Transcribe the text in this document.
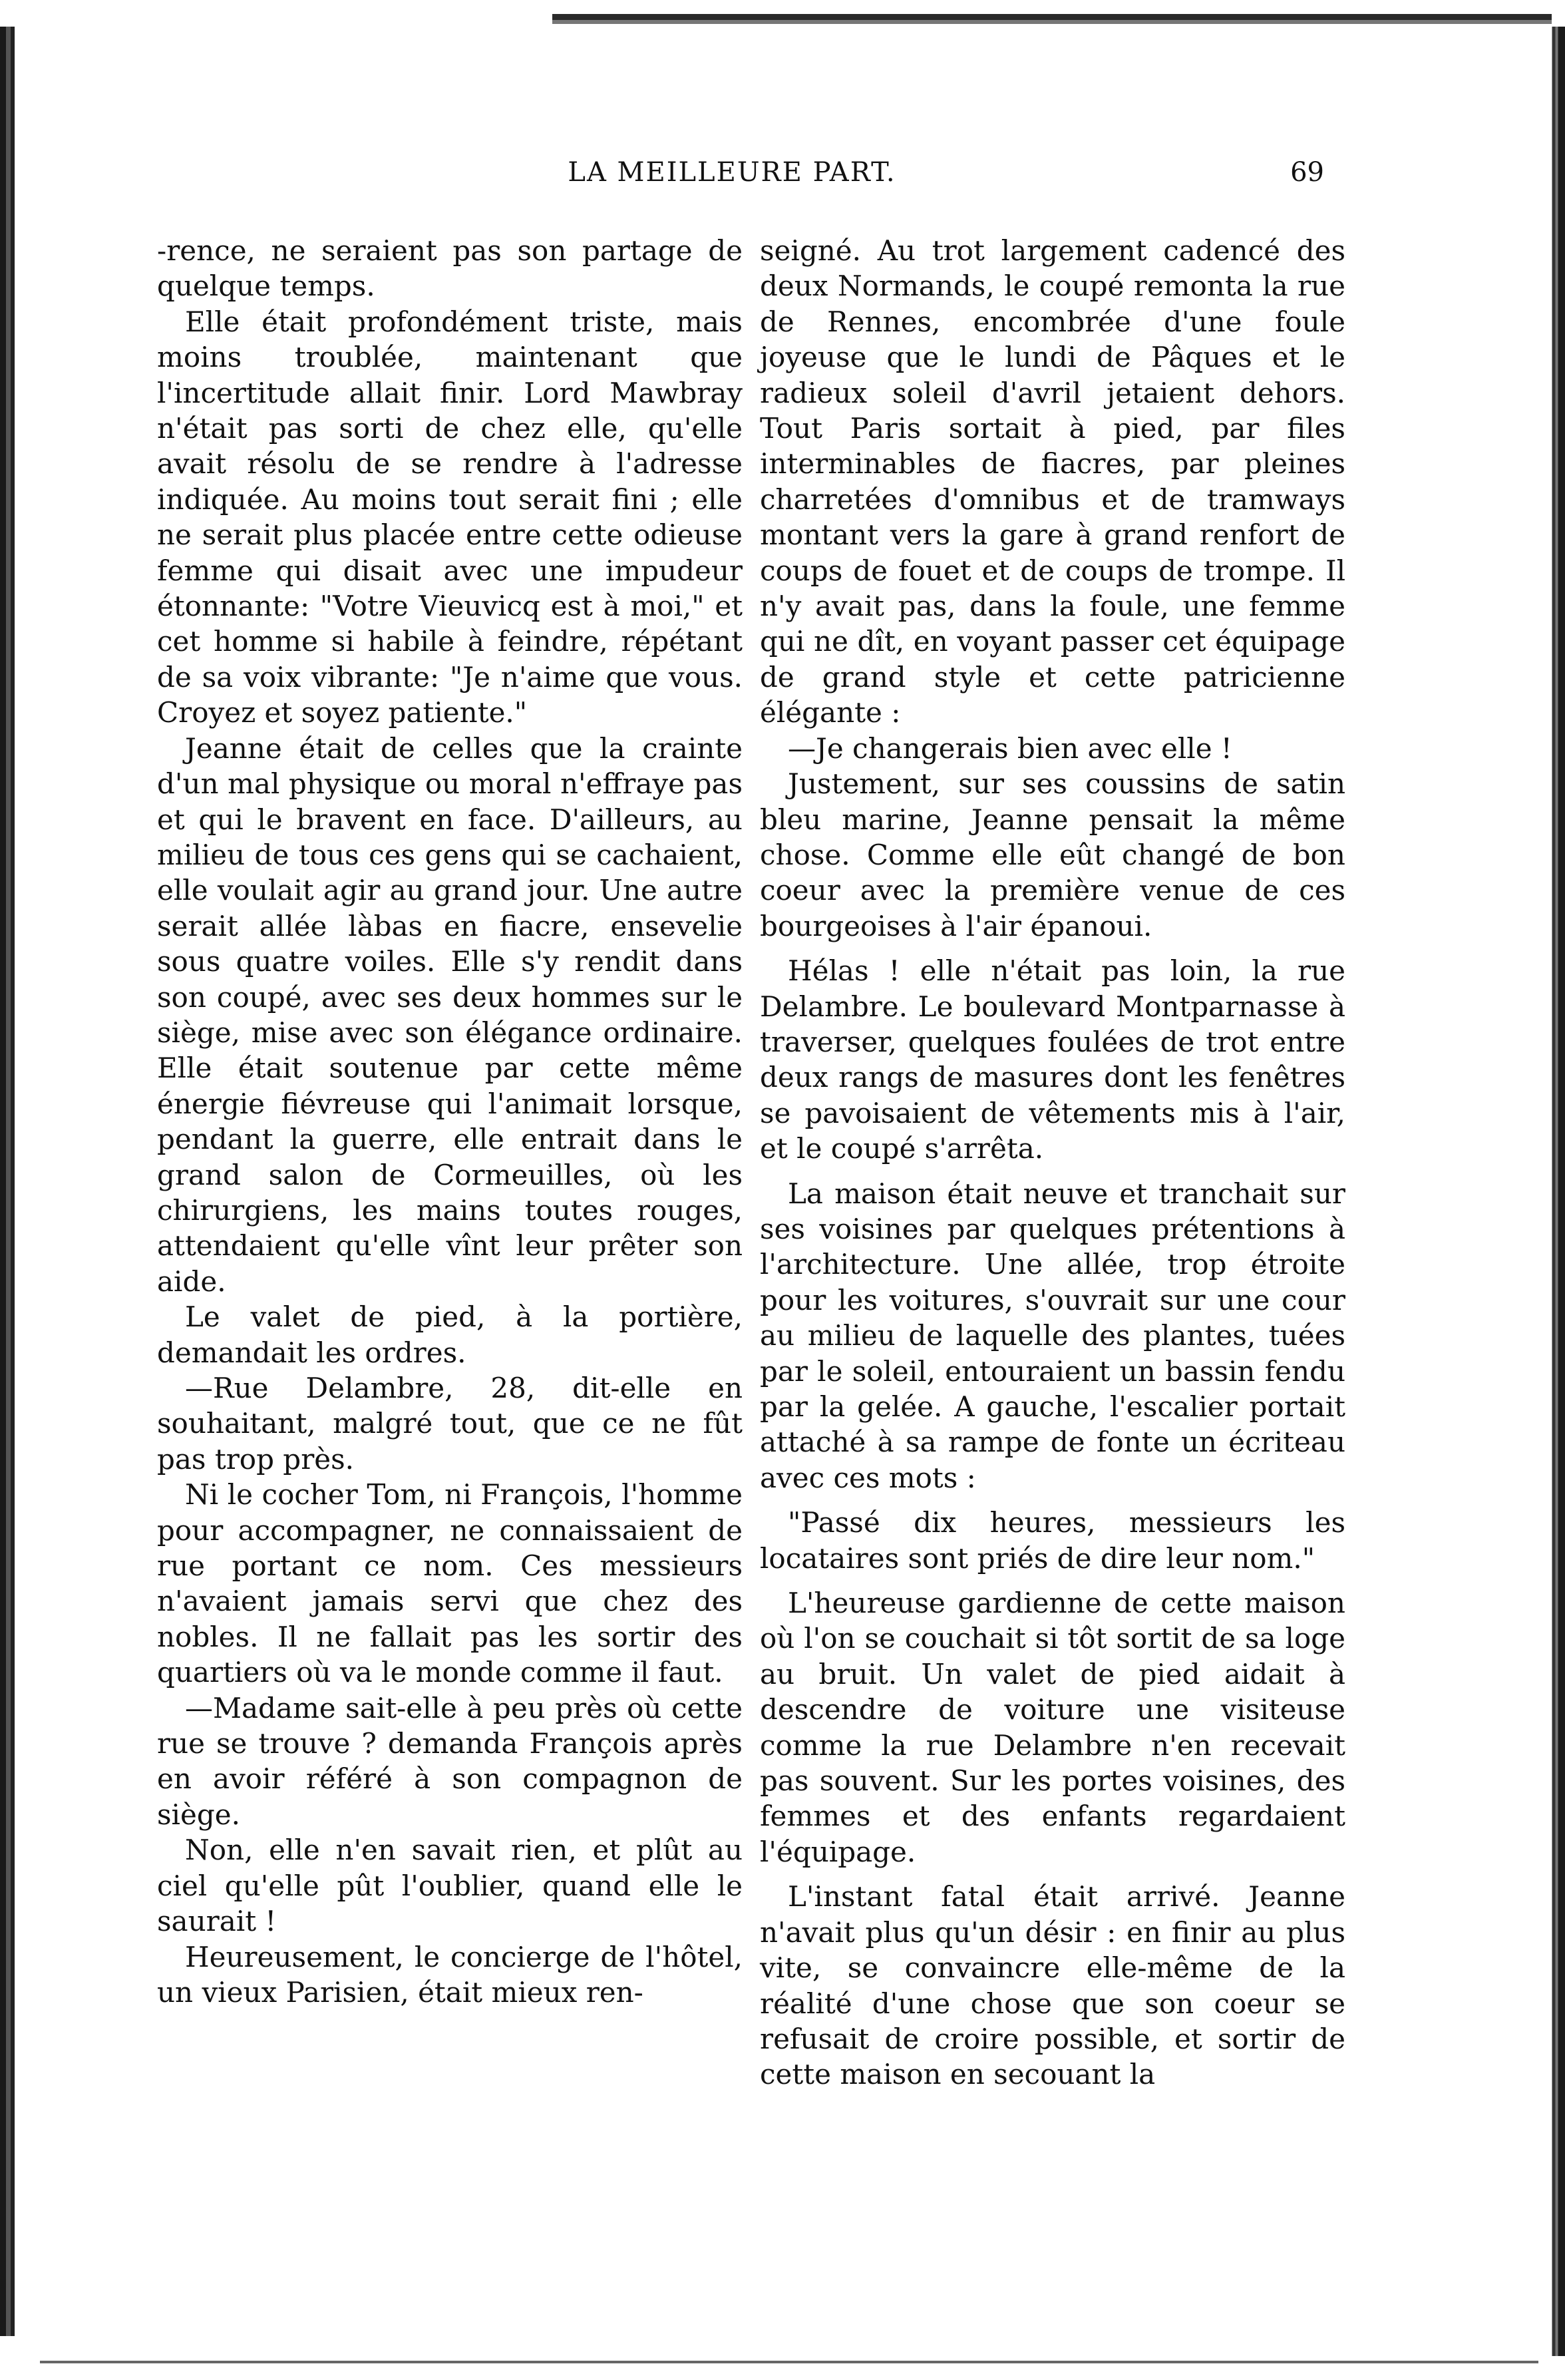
LA MEILLEURE PART.	69

-rence, ne seraient pas son partage de quelque temps.

Elle était profondément triste, mais moins troublée, maintenant que l'incertitude allait finir. Lord Mawbray n'était pas sorti de chez elle, qu'elle avait résolu de se rendre à l'adresse indiquée. Au moins tout serait fini ; elle ne serait plus placée entre cette odieuse femme qui disait avec une impudeur étonnante: "Votre Vieuvicq est à moi," et cet homme si habile à feindre, répétant de sa voix vibrante: "Je n'aime que vous. Croyez et soyez patiente."

Jeanne était de celles que la crainte d'un mal physique ou moral n'effraye pas et qui le bravent en face. D'ailleurs, au milieu de tous ces gens qui se cachaient, elle voulait agir au grand jour. Une autre serait allée làbas en fiacre, ensevelie sous quatre voiles. Elle s'y rendit dans son coupé, avec ses deux hommes sur le siège, mise avec son élégance ordinaire. Elle était soutenue par cette même énergie fiévreuse qui l'animait lorsque, pendant la guerre, elle entrait dans le grand salon de Cormeuilles, où les chirurgiens, les mains toutes rouges, attendaient qu'elle vînt leur prêter son aide.

Le valet de pied, à la portière, demandait les ordres.

—Rue Delambre, 28, dit-elle en souhaitant, malgré tout, que ce ne fût pas trop près.

Ni le cocher Tom, ni François, l'homme pour accompagner, ne connaissaient de rue portant ce nom. Ces messieurs n'avaient jamais servi que chez des nobles. Il ne fallait pas les sortir des quartiers où va le monde comme il faut.

—Madame sait-elle à peu près où cette rue se trouve ? demanda François après en avoir référé à son compagnon de siège.

Non, elle n'en savait rien, et plût au ciel qu'elle pût l'oublier, quand elle le saurait !

Heureusement, le concierge de l'hôtel, un vieux Parisien, était mieux ren-

seigné. Au trot largement cadencé des deux Normands, le coupé remonta la rue de Rennes, encombrée d'une foule joyeuse que le lundi de Pâques et le radieux soleil d'avril jetaient dehors. Tout Paris sortait à pied, par files interminables de fiacres, par pleines charretées d'omnibus et de tramways montant vers la gare à grand renfort de coups de fouet et de coups de trompe. Il n'y avait pas, dans la foule, une femme qui ne dît, en voyant passer cet équipage de grand style et cette patricienne élégante :

—Je changerais bien avec elle !

Justement, sur ses coussins de satin bleu marine, Jeanne pensait la même chose. Comme elle eût changé de bon coeur avec la première venue de ces bourgeoises à l'air épanoui.

Hélas ! elle n'était pas loin, la rue Delambre. Le boulevard Montparnasse à traverser, quelques foulées de trot entre deux rangs de masures dont les fenêtres se pavoisaient de vêtements mis à l'air, et le coupé s'arrêta.

La maison était neuve et tranchait sur ses voisines par quelques prétentions à l'architecture. Une allée, trop étroite pour les voitures, s'ouvrait sur une cour au milieu de laquelle des plantes, tuées par le soleil, entouraient un bassin fendu par la gelée. A gauche, l'escalier portait attaché à sa rampe de fonte un écriteau avec ces mots :

"Passé dix heures, messieurs les locataires sont priés de dire leur nom."

L'heureuse gardienne de cette maison où l'on se couchait si tôt sortit de sa loge au bruit. Un valet de pied aidait à descendre de voiture une visiteuse comme la rue Delambre n'en recevait pas souvent. Sur les portes voisines, des femmes et des enfants regardaient l'équipage.

L'instant fatal était arrivé. Jeanne n'avait plus qu'un désir : en finir au plus vite, se convaincre elle-même de la réalité d'une chose que son coeur se refusait de croire possible, et sortir de cette maison en secouant la
